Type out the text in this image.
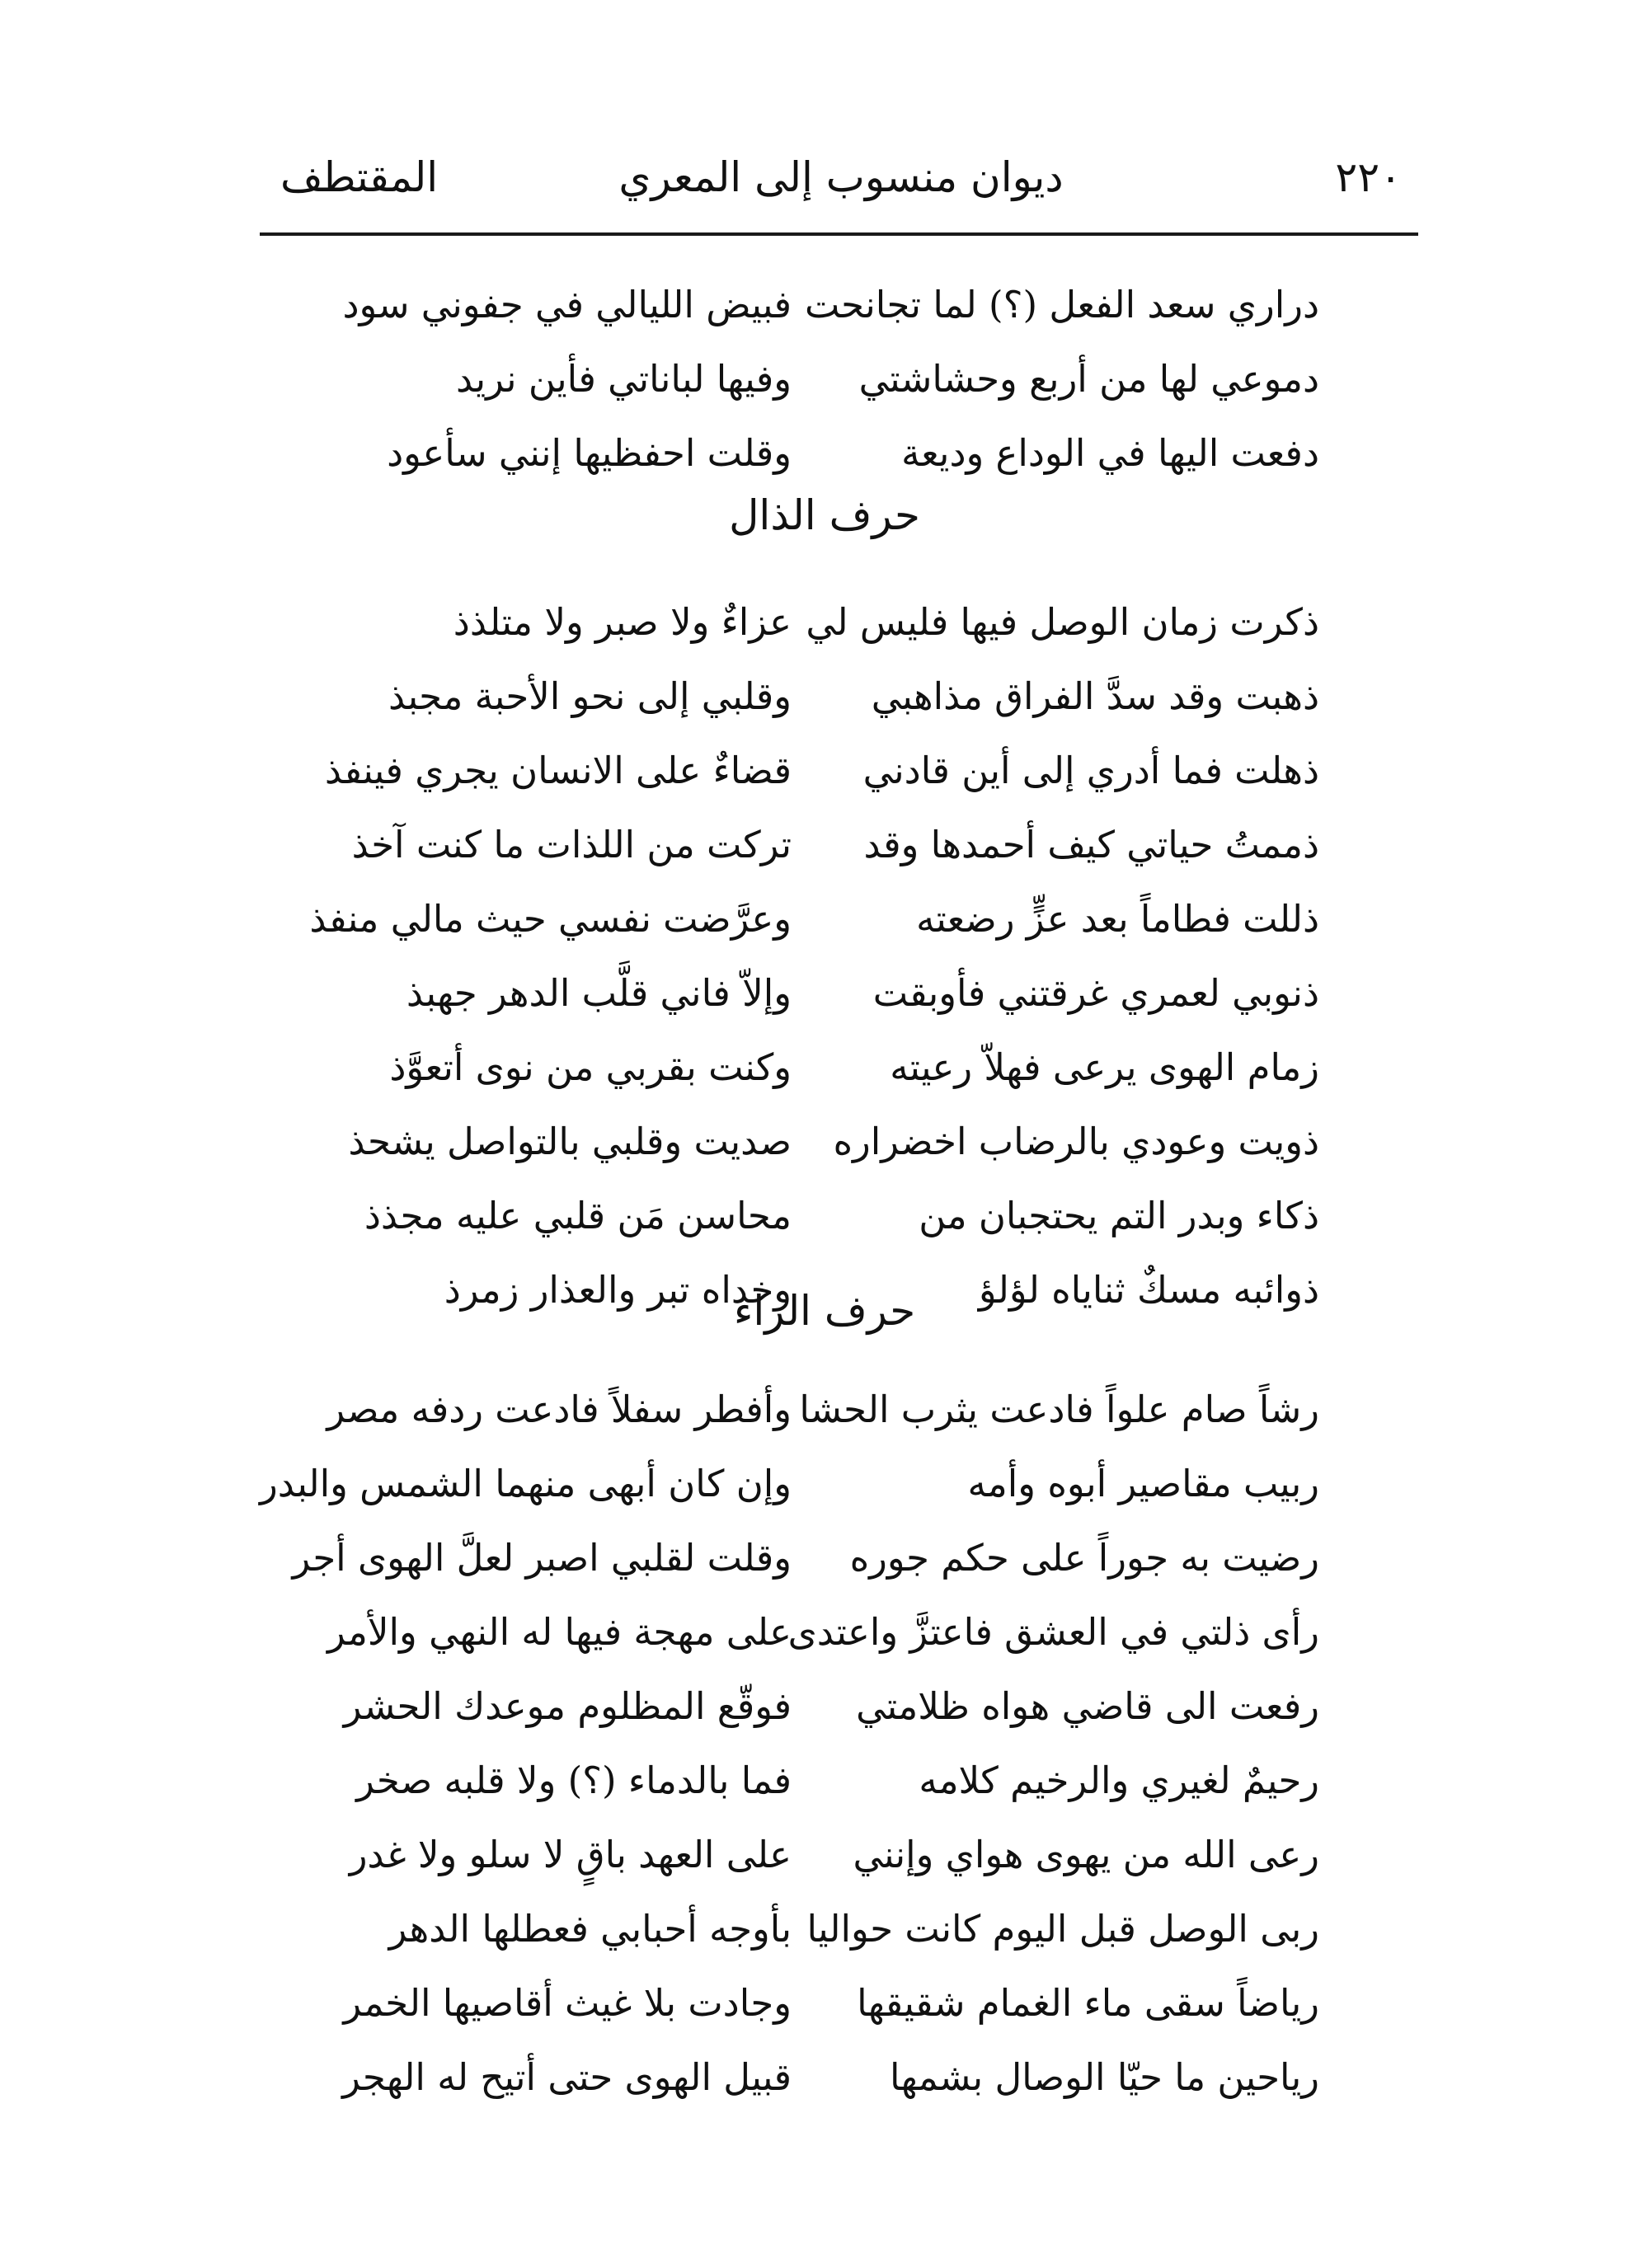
٢٢٠
ديوان منسوب إلى المعري
المقتطف
دراري سعد الفعل (؟) لما تجانحت
فبيض الليالي في جفوني سود
دموعي لها من أربع وحشاشتي
وفيها لباناتي فأين نريد
دفعت اليها في الوداع وديعة
وقلت احفظيها إنني سأعود
حرف الذال
ذكرت زمان الوصل فيها فليس لي
عزاءٌ ولا صبر ولا متلذذ
ذهبت وقد سدَّ الفراق مذاهبي
وقلبي إلى نحو الأحبة مجبذ
ذهلت فما أدري إلى أين قادني
قضاءٌ على الانسان يجري فينفذ
ذممتُ حياتي كيف أحمدها وقد
تركت من اللذات ما كنت آخذ
ذللت فطاماً بعد عزٍّ رضعته
وعرَّضت نفسي حيث مالي منفذ
ذنوبي لعمري غرقتني فأوبقت
وإلاّ فاني قلَّب الدهر جهبذ
زمام الهوى يرعى فهلاّ رعيته
وكنت بقربي من نوى أتعوَّذ
ذويت وعودي بالرضاب اخضراره
صديت وقلبي بالتواصل يشحذ
ذكاء وبدر التم يحتجبان من
محاسن مَن قلبي عليه مجذذ
ذوائبه مسكٌ ثناياه لؤلؤ
وخداه تبر والعذار زمرذ
حرف الراء
رشاً صام علواً فادعت يثرب الحشا
وأفطر سفلاً فادعت ردفه مصر
ربيب مقاصير أبوه وأمه
وإن كان أبهى منهما الشمس والبدر
رضيت به جوراً على حكم جوره
وقلت لقلبي اصبر لعلَّ الهوى أجر
رأى ذلتي في العشق فاعتزَّ واعتدى
على مهجة فيها له النهي والأمر
رفعت الى قاضي هواه ظلامتي
فوقّع المظلوم موعدك الحشر
رحيمٌ لغيري والرخيم كلامه
فما بالدماء (؟) ولا قلبه صخر
رعى الله من يهوى هواي وإنني
على العهد باقٍ لا سلو ولا غدر
ربى الوصل قبل اليوم كانت حواليا
بأوجه أحبابي فعطلها الدهر
رياضاً سقى ماء الغمام شقيقها
وجادت بلا غيث أقاصيها الخمر
رياحين ما حيّا الوصال بشمها
قبيل الهوى حتى أتيح له الهجر
